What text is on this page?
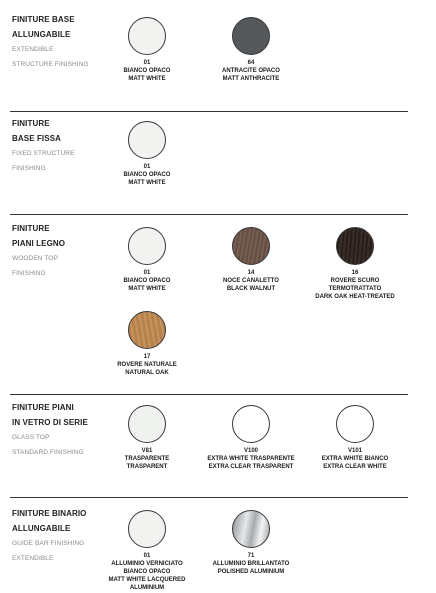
FINITURE BASE
ALLUNGABILE
EXTENDIBLE
STRUCTURE FINISHING	01
BIANCO OPACO
MATT WHITE
64
ANTRACITE OPACO
MATT ANTHRACITE
FINITURE
BASE FISSA
FIXED STRUCTURE
FINISHING	01
BIANCO OPACO
MATT WHITE
FINITURE
PIANI LEGNO
WOODEN TOP
FINISHING	01
BIANCO OPACO
MATT WHITE
14
NOCE CANALETTO
BLACK WALNUT
16
ROVERE SCURO
TERMOTRATTATO
DARK OAK HEAT-TREATED
17
ROVERE NATURALE
NATURAL OAK
FINITURE PIANI
IN VETRO DI SERIE
GLASS TOP
STANDARD FINISHING	V81
TRASPARENTE
TRASPARENT
V100
EXTRA WHITE TRASPARENTE
EXTRA CLEAR TRASPARENT
V101
EXTRA WHITE BIANCO
EXTRA CLEAR WHITE
FINITURE BINARIO
ALLUNGABILE
GUIDE BAR FINISHING
EXTENDIBLE	01
ALLUMINIO VERNICIATO
BIANCO OPACO
MATT WHITE LACQUERED
ALUMINIUM
71
ALLUMINIO BRILLANTATO
POLISHED ALUMINIUM
